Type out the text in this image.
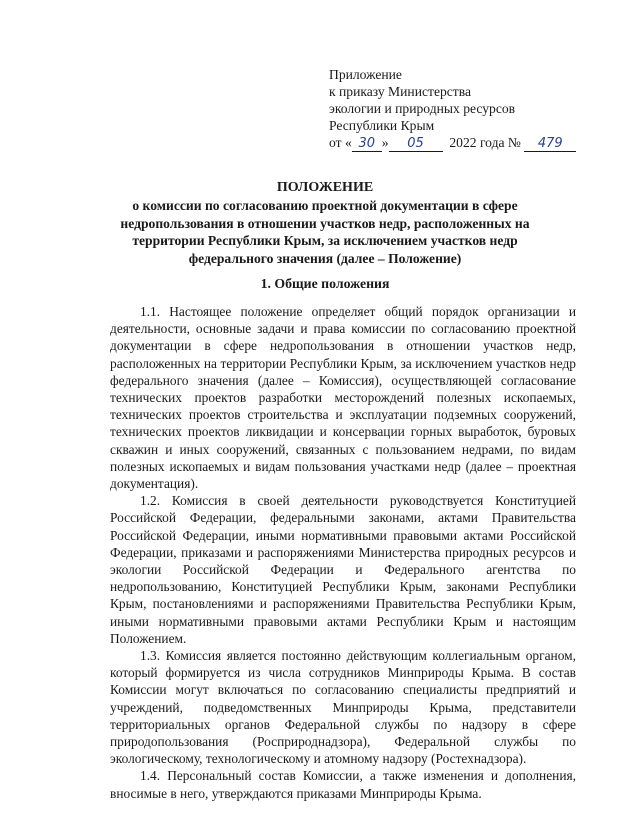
Приложение
к приказу Министерства
экологии и природных ресурсов
Республики Крым
от « 30 » 05 2022 года № 479
ПОЛОЖЕНИЕ
о комиссии по согласованию проектной документации в сфере недропользования в отношении участков недр, расположенных на территории Республики Крым, за исключением участков недр федерального значения (далее – Положение)
1. Общие положения

1.1. Настоящее положение определяет общий порядок организации и деятельности, основные задачи и права комиссии по согласованию проектной документации в сфере недропользования в отношении участков недр, расположенных на территории Республики Крым, за исключением участков недр федерального значения (далее – Комиссия), осуществляющей согласование технических проектов разработки месторождений полезных ископаемых, технических проектов строительства и эксплуатации подземных сооружений, технических проектов ликвидации и консервации горных выработок, буровых скважин и иных сооружений, связанных с пользованием недрами, по видам полезных ископаемых и видам пользования участками недр (далее – проектная документация).

1.2. Комиссия в своей деятельности руководствуется Конституцией Российской Федерации, федеральными законами, актами Правительства Российской Федерации, иными нормативными правовыми актами Российской Федерации, приказами и распоряжениями Министерства природных ресурсов и экологии Российской Федерации и Федерального агентства по недропользованию, Конституцией Республики Крым, законами Республики Крым, постановлениями и распоряжениями Правительства Республики Крым, иными нормативными правовыми актами Республики Крым и настоящим Положением.

1.3. Комиссия является постоянно действующим коллегиальным органом, который формируется из числа сотрудников Минприроды Крыма. В состав Комиссии могут включаться по согласованию специалисты предприятий и учреждений, подведомственных Минприроды Крыма, представители территориальных органов Федеральной службы по надзору в сфере природопользования (Росприроднадзора), Федеральной службы по экологическому, технологическому и атомному надзору (Ростехнадзора).

1.4. Персональный состав Комиссии, а также изменения и дополнения, вносимые в него, утверждаются приказами Минприроды Крыма.
